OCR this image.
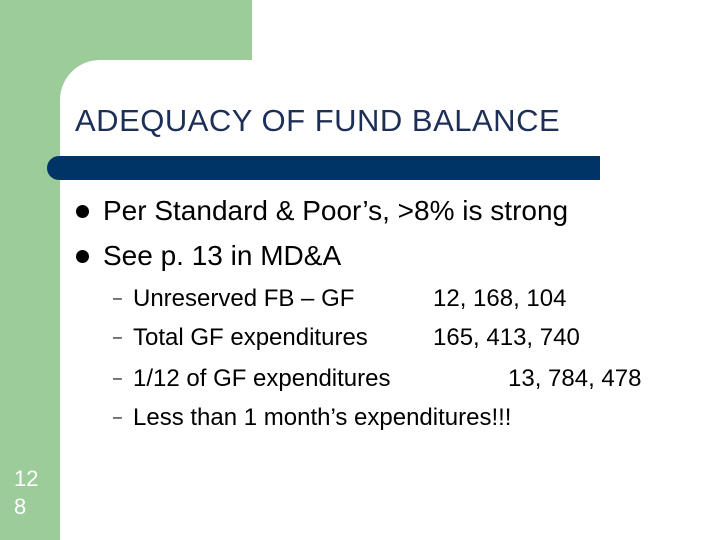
ADEQUACY OF FUND BALANCE
Per Standard & Poor’s, >8% is strong
See p. 13 in MD&A
– Unreserved FB – GF	12, 168, 104
– Total GF expenditures	165, 413, 740
– 1/12 of GF expenditures	13, 784, 478
– Less than 1 month’s expenditures!!!
12 8
